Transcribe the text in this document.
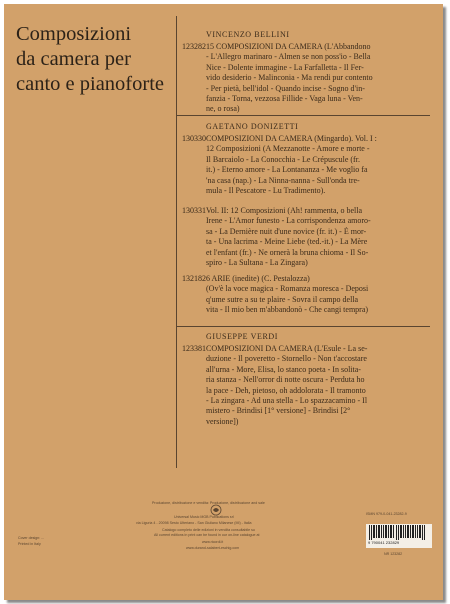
Composizioni
da camera per
canto e pianoforte
VINCENZO BELLINI
123282 15 COMPOSIZIONI DA CAMERA (L'Abbandono
- L'Allegro marinaro - Almen se non poss'io - Bella
Nice - Dolente immagine - La Farfalletta - Il Fer-
vido desiderio - Malinconia - Ma rendi pur contento
- Per pietà, bell'idol - Quando incise - Sogno d'in-
fanzia - Torna, vezzosa Fillide - Vaga luna - Ven-
ne, o rosa)
GAETANO DONIZETTI
130330 COMPOSIZIONI DA CAMERA (Mingardo). Vol. I :
12 Composizioni (A Mezzanotte - Amore e morte -
Il Barcaiolo - La Conocchia - Le Crépuscule (fr.
it.) - Eterno amore - La Lontananza - Me voglio fa
'na casa (nap.) - La Ninna-nanna - Sull'onda tre-
mula - Il Pescatore - Lu Tradimento).
130331 Vol. II: 12 Composizioni (Ah! rammenta, o bella
Irene - L'Amor funesto - La corrispondenza amoro-
sa - La Dernière nuit d'une novice (fr. it.) - È mor-
ta - Una lacrima - Meine Liebe (ted.-it.) - La Mère
et l'enfant (fr.) - Ne ornerà la bruna chioma - Il So-
spiro - La Sultana - La Zingara)
132182 6 ARIE (inedite) (C. Pestalozza)
(Ov'è la voce magica - Romanza moresca - Deposi
q'ume sutre a su te plaire - Sovra il campo della
vita - Il mio ben m'abbandonò - Che cangi tempra)
GIUSEPPE VERDI
123381 COMPOSIZIONI DA CAMERA (L'Esule - La se-
duzione - Il poveretto - Stornello - Non t'accostare
all'urna - More, Elisa, lo stanco poeta - In solita-
ria stanza - Nell'orror di notte oscura - Perduta ho
la pace - Deh, pietoso, oh addolorata - Il tramonto
- La zingara - Ad una stella - Lo spazzacamino - Il
mistero - Brindisi [1° versione] - Brindisi [2°
versione])
Produzione, distribuzione e vendita: Produzione, distribuzione and sale
Universal Music MGB Publications srl
via Liguria 4 - 20098 Sesto Ulteriano - San Giuliano Milanese (MI) - Italia
Catalogo completo delle edizioni in vendita consultabile su
All current editions in print can be found in our on-line catalogue at
www.ricordi.it
www.durand-salabert-eschig.com
Cover design: ...
Printed in Italy
ISMN 979-0-041-23282-9
9 790041 232829
NR 123282
